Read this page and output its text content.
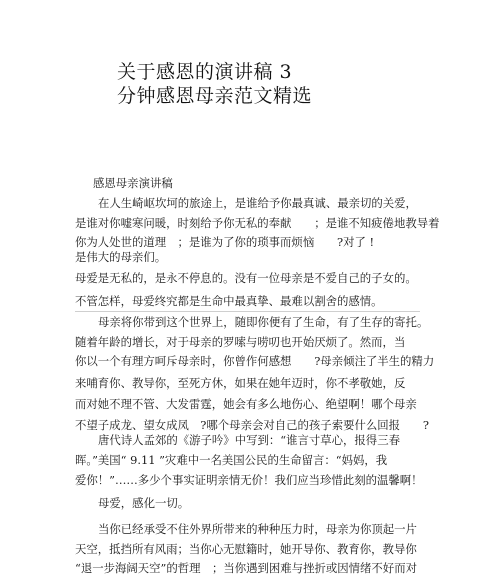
关于感恩的演讲稿 3
分钟感恩母亲范文精选
感恩母亲演讲稿
在人生崎岖坎坷的旅途上，是谁给予你最真诚、最亲切的关爱，
是谁对你嘘寒问暖，时刻给予你无私的奉献　　；是谁不知疲倦地教导着
你为人处世的道理　；是谁为了你的琐事而烦恼　　?对了 !
是伟大的母亲们。
母爱是无私的，是永不停息的。没有一位母亲是不爱自己的子女的。
不管怎样，母爱终究都是生命中最真挚、最难以割舍的感情。
母亲将你带到这个世界上，随即你便有了生命，有了生存的寄托。
随着年龄的增长，对于母亲的罗嗦与唠叨也开始厌烦了。然而，当
你以一个有理方呵斥母亲时，你曾作何感想　　?母亲倾注了半生的精力
来哺育你、教导你，至死方休，如果在她年迈时，你不孝敬她，反
而对她不理不管、大发雷霆，她会有多么地伤心、绝望啊！哪个母亲
不望子成龙、望女成凤　?哪个母亲会对自己的孩子索要什么回报　　?
唐代诗人孟郊的《游子吟》中写到：“谁言寸草心，报得三春
晖。”美国“ 9.11 ”灾难中一名美国公民的生命留言：“妈妈，我
爱你！”……多少个事实证明亲情无价！我们应当珍惜此刻的温馨啊！
母爱，感化一切。
当你已经承受不住外界所带来的种种压力时，母亲为你顶起一片
天空，抵挡所有风雨；当你心无慰籍时，她开导你、教育你，教导你
“退一步海阔天空”的哲理　；当你遇到困难与挫折或因情绪不好而对
